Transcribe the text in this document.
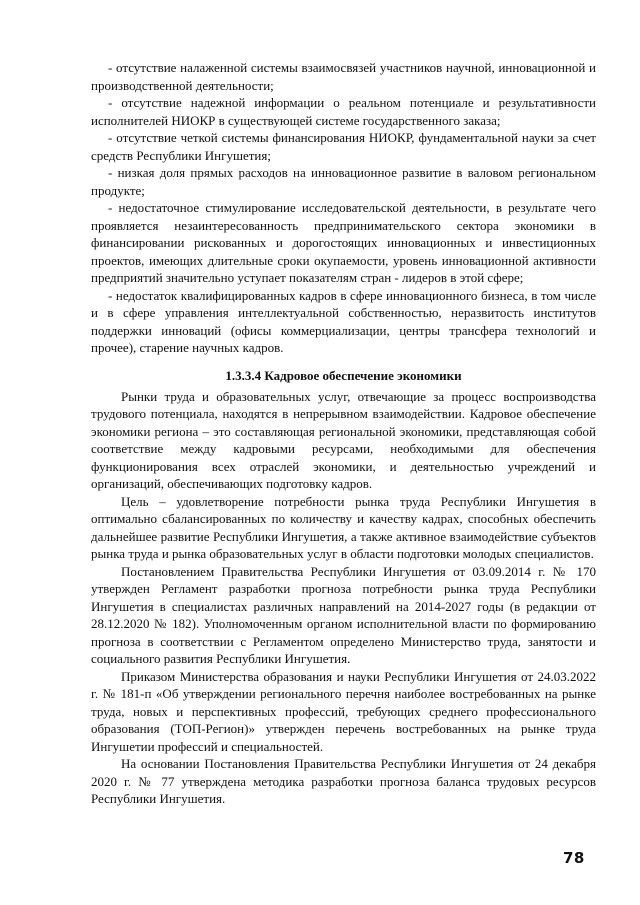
- отсутствие налаженной системы взаимосвязей участников научной, инновационной и производственной деятельности;

- отсутствие надежной информации о реальном потенциале и результативности исполнителей НИОКР в существующей системе государственного заказа;

- отсутствие четкой системы финансирования НИОКР, фундаментальной науки за счет средств Республики Ингушетия;

- низкая доля прямых расходов на инновационное развитие в валовом региональном продукте;

- недостаточное стимулирование исследовательской деятельности, в результате чего проявляется незаинтересованность предпринимательского сектора экономики в финансировании рискованных и дорогостоящих инновационных и инвестиционных проектов, имеющих длительные сроки окупаемости, уровень инновационной активности предприятий значительно уступает показателям стран - лидеров в этой сфере;

- недостаток квалифицированных кадров в сфере инновационного бизнеса, в том числе и в сфере управления интеллектуальной собственностью, неразвитость институтов поддержки инноваций (офисы коммерциализации, центры трансфера технологий и прочее), старение научных кадров.

1.3.3.4 Кадровое обеспечение экономики

Рынки труда и образовательных услуг, отвечающие за процесс воспроизводства трудового потенциала, находятся в непрерывном взаимодействии. Кадровое обеспечение экономики региона – это составляющая региональной экономики, представляющая собой соответствие между кадровыми ресурсами, необходимыми для обеспечения функционирования всех отраслей экономики, и деятельностью учреждений и организаций, обеспечивающих подготовку кадров.

Цель – удовлетворение потребности рынка труда Республики Ингушетия в оптимально сбалансированных по количеству и качеству кадрах, способных обеспечить дальнейшее развитие Республики Ингушетия, а также активное взаимодействие субъектов рынка труда и рынка образовательных услуг в области подготовки молодых специалистов.

Постановлением Правительства Республики Ингушетия от 03.09.2014 г. № 170 утвержден Регламент разработки прогноза потребности рынка труда Республики Ингушетия в специалистах различных направлений на 2014-2027 годы (в редакции от 28.12.2020 № 182). Уполномоченным органом исполнительной власти по формированию прогноза в соответствии с Регламентом определено Министерство труда, занятости и социального развития Республики Ингушетия.

Приказом Министерства образования и науки Республики Ингушетия от 24.03.2022 г. № 181-п «Об утверждении регионального перечня наиболее востребованных на рынке труда, новых и перспективных профессий, требующих среднего профессионального образования (ТОП-Регион)» утвержден перечень востребованных на рынке труда Ингушетии профессий и специальностей.

На основании Постановления Правительства Республики Ингушетия от 24 декабря 2020 г. № 77 утверждена методика разработки прогноза баланса трудовых ресурсов Республики Ингушетия.

78
